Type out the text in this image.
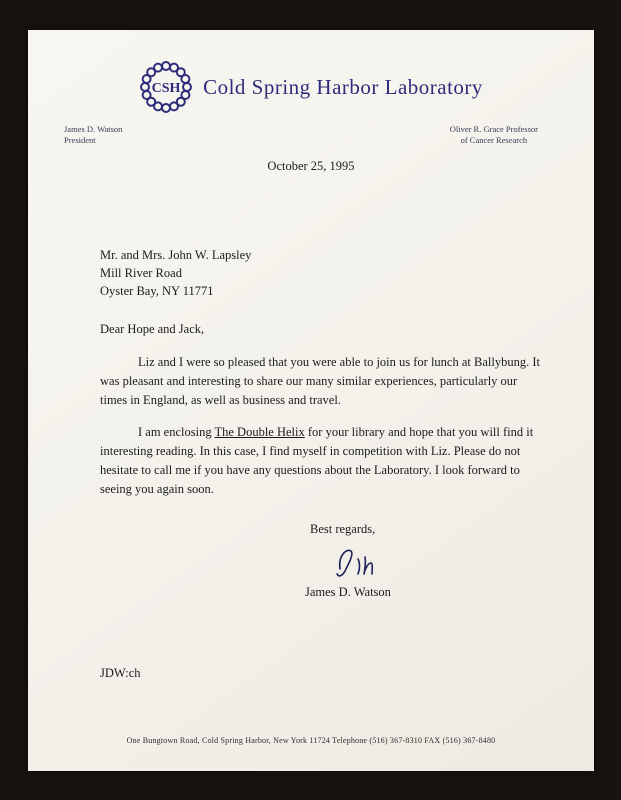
CSH Cold Spring Harbor Laboratory
James D. Watson
President
Oliver R. Grace Professor
of Cancer Research
October 25, 1995
Mr. and Mrs. John W. Lapsley
Mill River Road
Oyster Bay, NY 11771
Dear Hope and Jack,

Liz and I were so pleased that you were able to join us for lunch at Ballybung. It was pleasant and interesting to share our many similar experiences, particularly our times in England, as well as business and travel.

I am enclosing The Double Helix for your library and hope that you will find it interesting reading. In this case, I find myself in competition with Liz. Please do not hesitate to call me if you have any questions about the Laboratory. I look forward to seeing you again soon.

Best regards,
James D. Watson
JDW:ch
One Bungtown Road, Cold Spring Harbor, New York 11724 Telephone (516) 367-8310 FAX (516) 367-8480
